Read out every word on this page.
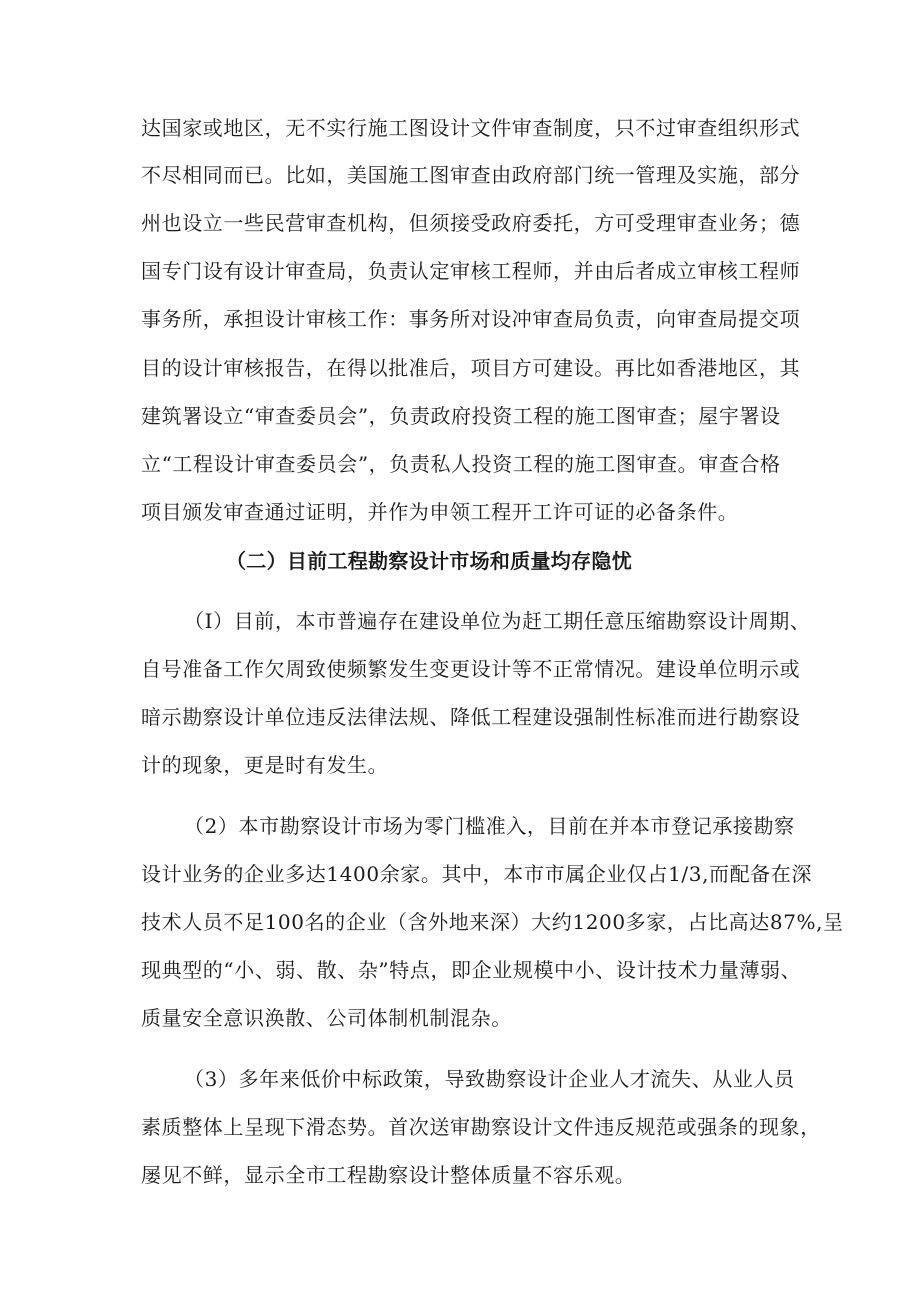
达国家或地区，无不实行施工图设计文件审查制度，只不过审查组织形式
不尽相同而已。比如，美国施工图审查由政府部门统一管理及实施，部分
州也设立一些民营审查机构，但须接受政府委托，方可受理审查业务；德
国专门设有设计审查局，负责认定审核工程师，并由后者成立审核工程师
事务所，承担设计审核工作：事务所对设冲审查局负责，向审查局提交项
目的设计审核报告，在得以批准后，项目方可建设。再比如香港地区，其
建筑署设立“审查委员会”，负责政府投资工程的施工图审查；屋宇署设
立“工程设计审查委员会”，负责私人投资工程的施工图审查。审查合格
项目颁发审查通过证明，并作为申领工程开工许可证的必备条件。
（二）目前工程勘察设计市场和质量均存隐忧
（I）目前，本市普遍存在建设单位为赶工期任意压缩勘察设计周期、
自号准备工作欠周致使频繁发生变更设计等不正常情况。建设单位明示或
暗示勘察设计单位违反法律法规、降低工程建设强制性标准而进行勘察设
计的现象，更是时有发生。
（2）本市勘察设计市场为零门槛准入，目前在并本市登记承接勘察
设计业务的企业多达1400余家。其中，本市市属企业仅占1/3,而配备在深
技术人员不足100名的企业（含外地来深）大约1200多家，占比高达87%,呈
现典型的“小、弱、散、杂”特点，即企业规模中小、设计技术力量薄弱、
质量安全意识涣散、公司体制机制混杂。
（3）多年来低价中标政策，导致勘察设计企业人才流失、从业人员
素质整体上呈现下滑态势。首次送审勘察设计文件违反规范或强条的现象，
屡见不鲜，显示全市工程勘察设计整体质量不容乐观。
